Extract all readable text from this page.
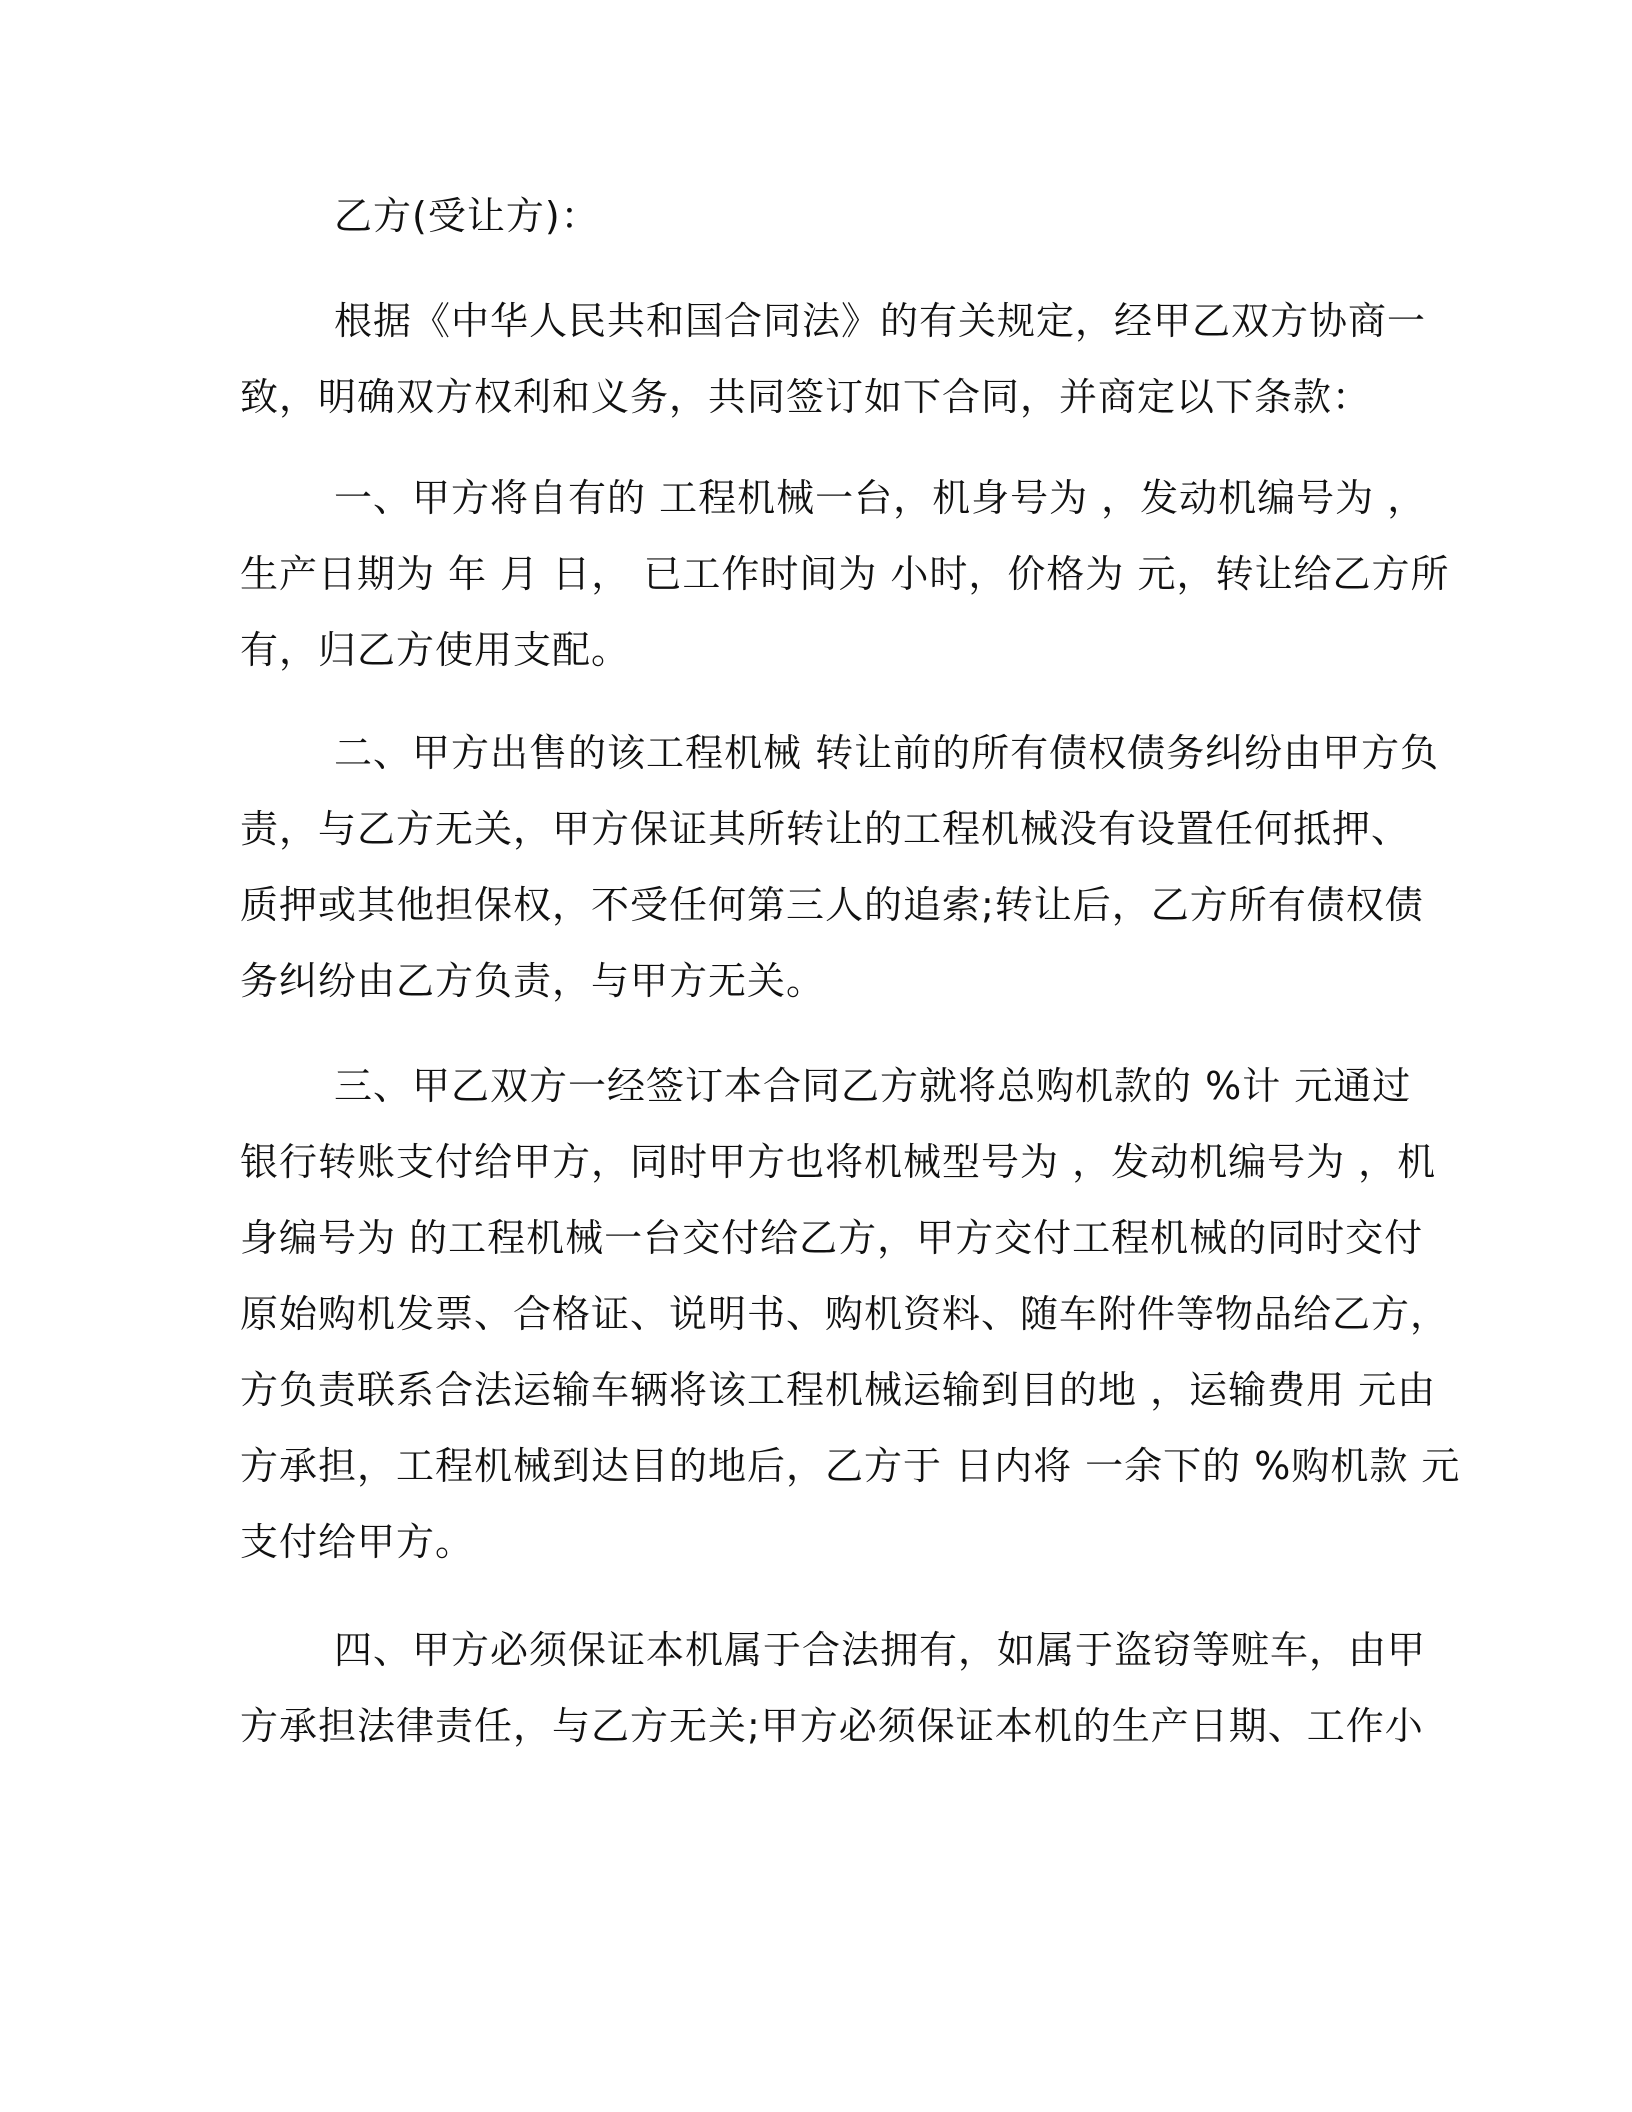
乙方(受让方)：
根据《中华人民共和国合同法》的有关规定，经甲乙双方协商一
致，明确双方权利和义务，共同签订如下合同，并商定以下条款：
一、甲方将自有的 工程机械一台，机身号为 ，发动机编号为 ，
生产日期为 年 月 日， 已工作时间为 小时，价格为 元，转让给乙方所
有，归乙方使用支配。
二、甲方出售的该工程机械 转让前的所有债权债务纠纷由甲方负
责，与乙方无关，甲方保证其所转让的工程机械没有设置任何抵押、
质押或其他担保权，不受任何第三人的追索;转让后，乙方所有债权债
务纠纷由乙方负责，与甲方无关。
三、甲乙双方一经签订本合同乙方就将总购机款的 %计 元通过
银行转账支付给甲方，同时甲方也将机械型号为 ，发动机编号为 ，机
身编号为 的工程机械一台交付给乙方，甲方交付工程机械的同时交付
原始购机发票、合格证、说明书、购机资料、随车附件等物品给乙方，
方负责联系合法运输车辆将该工程机械运输到目的地 ，运输费用 元由
方承担，工程机械到达目的地后，乙方于 日内将 一余下的 %购机款 元
支付给甲方。
四、甲方必须保证本机属于合法拥有，如属于盗窃等赃车，由甲
方承担法律责任，与乙方无关;甲方必须保证本机的生产日期、工作小
